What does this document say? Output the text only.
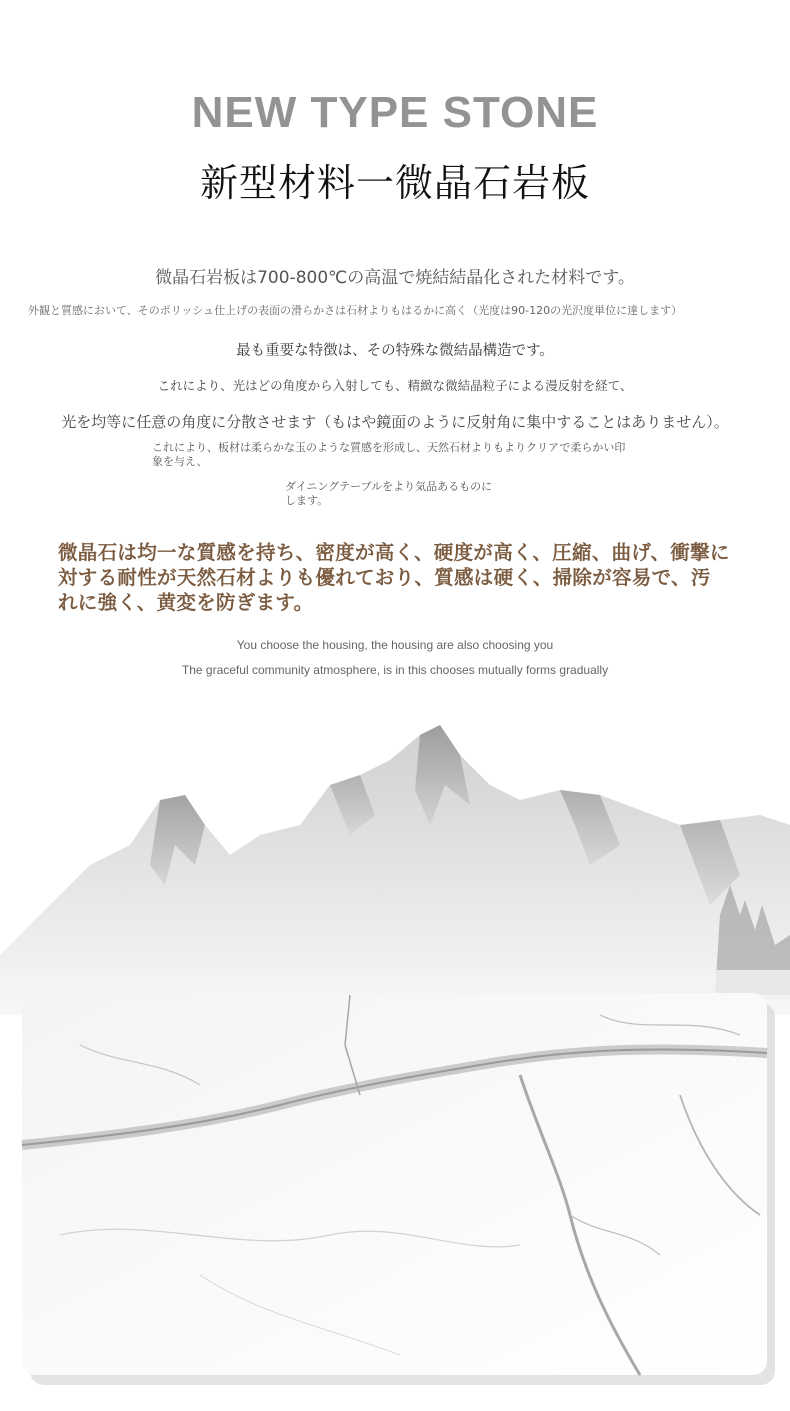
NEW TYPE STONE
新型材料一微晶石岩板
微晶石岩板は700-800℃の高温で焼結結晶化された材料です。
外観と質感において、そのポリッシュ仕上げの表面の滑らかさは石材よりもはるかに高く（光度は90-120の光沢度単位に達します）
最も重要な特徴は、その特殊な微結晶構造です。
これにより、光はどの角度から入射しても、精緻な微結晶粒子による漫反射を経て、
光を均等に任意の角度に分散させます（もはや鏡面のように反射角に集中することはありません）。
これにより、板材は柔らかな玉のような質感を形成し、天然石材よりもよりクリアで柔らかい印象を与え、
ダイニングテーブルをより気品あるものにします。
微晶石は均一な質感を持ち、密度が高く、硬度が高く、圧縮、曲げ、衝撃に対する耐性が天然石材よりも優れており、質感は硬く、掃除が容易で、汚れに強く、黄変を防ぎます。
You choose the housing, the housing are also choosing you
The graceful community atmosphere, is in this chooses mutually forms gradually
